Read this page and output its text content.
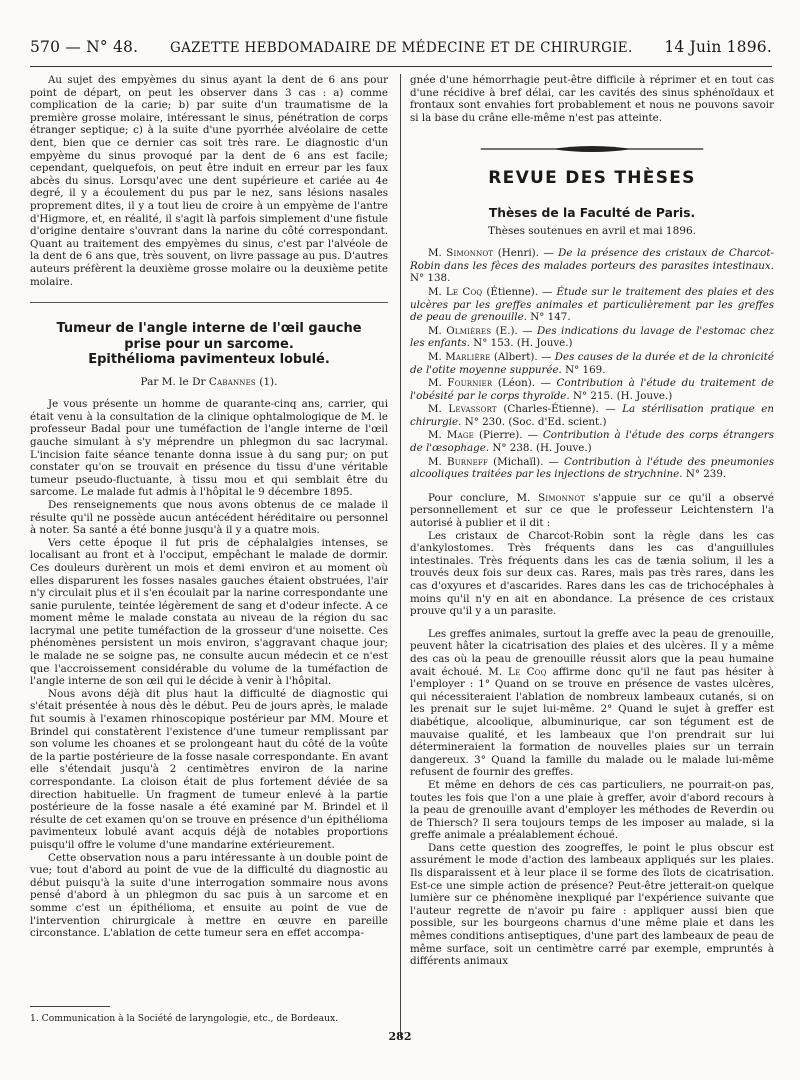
570 — N° 48. GAZETTE HEBDOMADAIRE DE MÉDECINE ET DE CHIRURGIE. 14 Juin 1896.

Au sujet des empyèmes du sinus ayant la dent de 6 ans pour point de départ, on peut les observer dans 3 cas : a) comme complication de la carie; b) par suite d'un traumatisme de la première grosse molaire, intéressant le sinus, pénétration de corps étranger septique; c) à la suite d'une pyorrhée alvéolaire de cette dent, bien que ce dernier cas soit très rare. Le diagnostic d'un empyème du sinus provoqué par la dent de 6 ans est facile; cependant, quelquefois, on peut être induit en erreur par les faux abcès du sinus. Lorsqu'avec une dent supérieure et cariée au 4e degré, il y a écoulement du pus par le nez, sans lésions nasales proprement dites, il y a tout lieu de croire à un empyème de l'antre d'Higmore, et, en réalité, il s'agit là parfois simplement d'une fistule d'origine dentaire s'ouvrant dans la narine du côté correspondant. Quant au traitement des empyèmes du sinus, c'est par l'alvéole de la dent de 6 ans que, très souvent, on livre passage au pus. D'autres auteurs préfèrent la deuxième grosse molaire ou la deuxième petite molaire.

Tumeur de l'angle interne de l'œil gauche
prise pour un sarcome.
Epithélioma pavimenteux lobulé.
Par M. le Dr Cabannes (1).

Je vous présente un homme de quarante-cinq ans, carrier, qui était venu à la consultation de la clinique ophtalmologique de M. le professeur Badal pour une tuméfaction de l'angle interne de l'œil gauche simulant à s'y méprendre un phlegmon du sac lacrymal. L'incision faite séance tenante donna issue à du sang pur; on put constater qu'on se trouvait en présence du tissu d'une véritable tumeur pseudo-fluctuante, à tissu mou et qui semblait être du sarcome. Le malade fut admis à l'hôpital le 9 décembre 1895.

Des renseignements que nous avons obtenus de ce malade il résulte qu'il ne possède aucun antécédent héréditaire ou personnel à noter. Sa santé a été bonne jusqu'à il y a quatre mois.

Vers cette époque il fut pris de céphalalgies intenses, se localisant au front et à l'occiput, empêchant le malade de dormir. Ces douleurs durèrent un mois et demi environ et au moment où elles disparurent les fosses nasales gauches étaient obstruées, l'air n'y circulait plus et il s'en écoulait par la narine correspondante une sanie purulente, teintée légèrement de sang et d'odeur infecte. A ce moment même le malade constata au niveau de la région du sac lacrymal une petite tuméfaction de la grosseur d'une noisette. Ces phénomènes persistent un mois environ, s'aggravant chaque jour; le malade ne se soigne pas, ne consulte aucun médecin et ce n'est que l'accroissement considérable du volume de la tuméfaction de l'angle interne de son œil qui le décide à venir à l'hôpital.

Nous avons déjà dit plus haut la difficulté de diagnostic qui s'était présentée à nous dès le début. Peu de jours après, le malade fut soumis à l'examen rhinoscopique postérieur par MM. Moure et Brindel qui constatèrent l'existence d'une tumeur remplissant par son volume les choanes et se prolongeant haut du côté de la voûte de la partie postérieure de la fosse nasale correspondante. En avant elle s'étendait jusqu'à 2 centimètres environ de la narine correspondante. La cloison était de plus fortement déviée de sa direction habituelle. Un fragment de tumeur enlevé à la partie postérieure de la fosse nasale a été examiné par M. Brindel et il résulte de cet examen qu'on se trouve en présence d'un épithélioma pavimenteux lobulé avant acquis déjà de notables proportions puisqu'il offre le volume d'une mandarine extérieurement.

Cette observation nous a paru intéressante à un double point de vue; tout d'abord au point de vue de la difficulté du diagnostic au début puisqu'à la suite d'une interrogation sommaire nous avons pensé d'abord à un phlegmon du sac puis à un sarcome et en somme c'est un épithélioma, et ensuite au point de vue de l'intervention chirurgicale à mettre en œuvre en pareille circonstance. L'ablation de cette tumeur sera en effet accompa-

gnée d'une hémorrhagie peut-être difficile à réprimer et en tout cas d'une récidive à bref délai, car les cavités des sinus sphénoïdaux et frontaux sont envahies fort probablement et nous ne pouvons savoir si la base du crâne elle-même n'est pas atteinte.

REVUE DES THÈSES
Thèses de la Faculté de Paris.
Thèses soutenues en avril et mai 1896.

M. Simonnot (Henri). — De la présence des cristaux de Charcot-Robin dans les fèces des malades porteurs des parasites intestinaux. N° 138.

M. Le Coq (Étienne). — Étude sur le traitement des plaies et des ulcères par les greffes animales et particulièrement par les greffes de peau de grenouille. N° 147.

M. Olmières (E.). — Des indications du lavage de l'estomac chez les enfants. N° 153. (H. Jouve.)

M. Marlière (Albert). — Des causes de la durée et de la chronicité de l'otite moyenne suppurée. N° 169.

M. Fournier (Léon). — Contribution à l'étude du traitement de l'obésité par le corps thyroïde. N° 215. (H. Jouve.)

M. Levassort (Charles-Étienne). — La stérilisation pratique en chirurgie. N° 230. (Soc. d'Ed. scient.)

M. Mage (Pierre). — Contribution à l'étude des corps étrangers de l'œsophage. N° 238. (H. Jouve.)

M. Burneff (Michaïl). — Contribution à l'étude des pneumonies alcooliques traitées par les injections de strychnine. N° 239.

Pour conclure, M. Simonnot s'appuie sur ce qu'il a observé personnellement et sur ce que le professeur Leichtenstern l'a autorisé à publier et il dit :

Les cristaux de Charcot-Robin sont la règle dans les cas d'ankylostomes. Très fréquents dans les cas d'anguillules intestinales. Très fréquents dans les cas de tænia solium, il les a trouvés deux fois sur deux cas. Rares, mais pas très rares, dans les cas d'oxyures et d'ascarides. Rares dans les cas de trichocéphales à moins qu'il n'y en ait en abondance. La présence de ces cristaux prouve qu'il y a un parasite.

Les greffes animales, surtout la greffe avec la peau de grenouille, peuvent hâter la cicatrisation des plaies et des ulcères. Il y a même des cas où la peau de grenouille réussit alors que la peau humaine avait échoué. M. Le Coq affirme donc qu'il ne faut pas hésiter à l'employer : 1° Quand on se trouve en présence de vastes ulcères, qui nécessiteraient l'ablation de nombreux lambeaux cutanés, si on les prenait sur le sujet lui-même. 2° Quand le sujet à greffer est diabétique, alcoolique, albuminurique, car son tégument est de mauvaise qualité, et les lambeaux que l'on prendrait sur lui détermineraient la formation de nouvelles plaies sur un terrain dangereux. 3° Quand la famille du malade ou le malade lui-même refusent de fournir des greffes.

Et même en dehors de ces cas particuliers, ne pourrait-on pas, toutes les fois que l'on a une plaie à greffer, avoir d'abord recours à la peau de grenouille avant d'employer les méthodes de Reverdin ou de Thiersch? Il sera toujours temps de les imposer au malade, si la greffe animale a préalablement échoué.

Dans cette question des zoogreffes, le point le plus obscur est assurément le mode d'action des lambeaux appliqués sur les plaies. Ils disparaissent et à leur place il se forme des îlots de cicatrisation. Est-ce une simple action de présence? Peut-être jetterait-on quelque lumière sur ce phénomène inexpliqué par l'expérience suivante que l'auteur regrette de n'avoir pu faire : appliquer aussi bien que possible, sur les bourgeons charnus d'une même plaie et dans les mêmes conditions antiseptiques, d'une part des lambeaux de peau de même surface, soit un centimètre carré par exemple, empruntés à différents animaux

1. Communication à la Société de laryngologie, etc., de Bordeaux.
282
